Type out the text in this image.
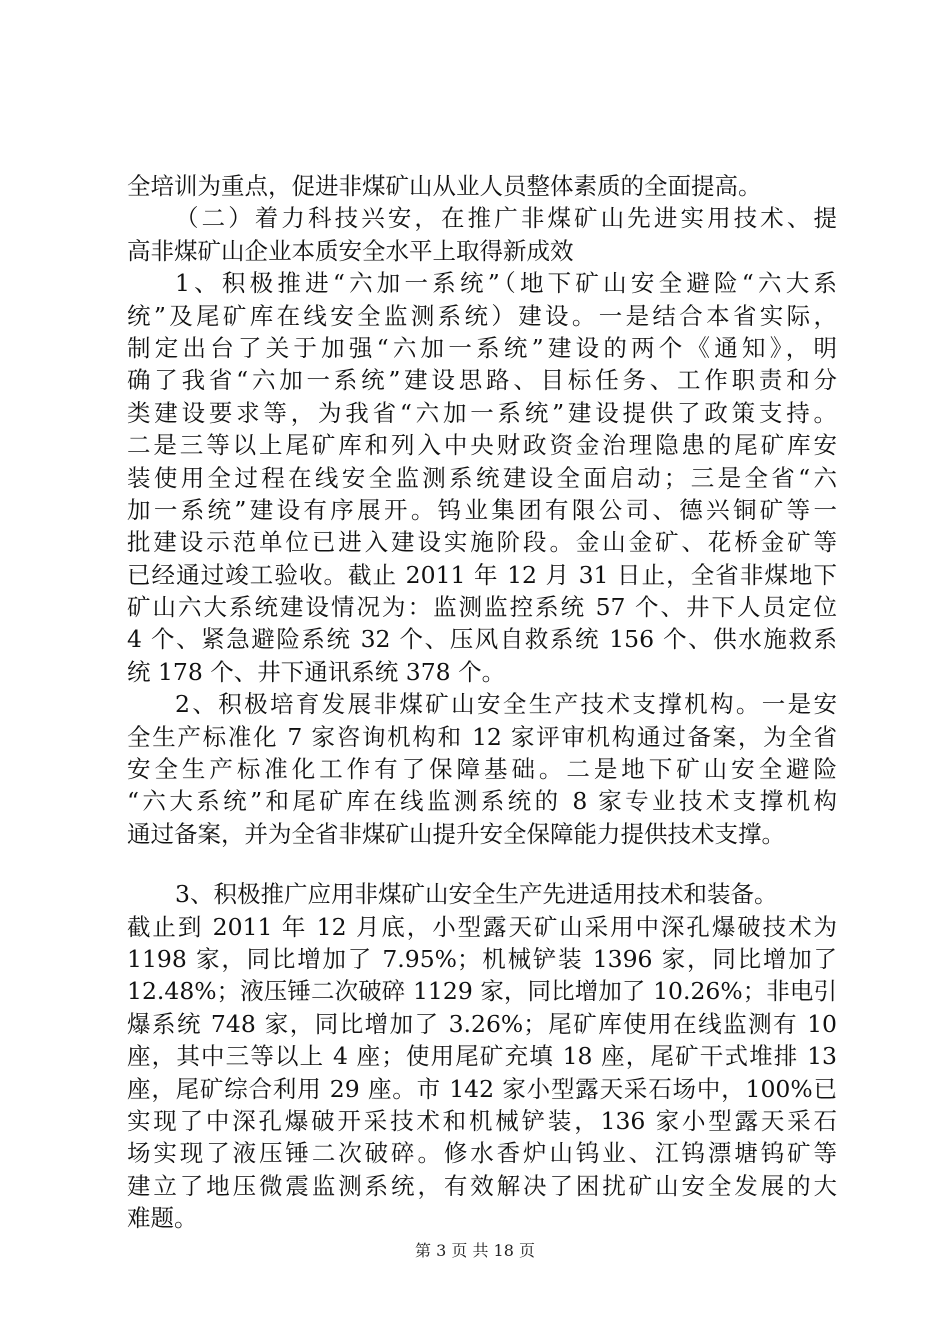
全培训为重点，促进非煤矿山从业人员整体素质的全面提高。
（二）着力科技兴安，在推广非煤矿山先进实用技术、提
高非煤矿山企业本质安全水平上取得新成效
1、积极推进“六加一系统”（地下矿山安全避险“六大系
统”及尾矿库在线安全监测系统）建设。一是结合本省实际，
制定出台了关于加强“六加一系统”建设的两个《通知》，明
确了我省“六加一系统”建设思路、目标任务、工作职责和分
类建设要求等，为我省“六加一系统”建设提供了政策支持。
二是三等以上尾矿库和列入中央财政资金治理隐患的尾矿库安
装使用全过程在线安全监测系统建设全面启动；三是全省“六
加一系统”建设有序展开。钨业集团有限公司、德兴铜矿等一
批建设示范单位已进入建设实施阶段。金山金矿、花桥金矿等
已经通过竣工验收。截止 2011 年 12 月 31 日止，全省非煤地下
矿山六大系统建设情况为：监测监控系统 57 个、井下人员定位
4 个、紧急避险系统 32 个、压风自救系统 156 个、供水施救系
统 178 个、井下通讯系统 378 个。
2、积极培育发展非煤矿山安全生产技术支撑机构。一是安
全生产标准化 7 家咨询机构和 12 家评审机构通过备案，为全省
安全生产标准化工作有了保障基础。二是地下矿山安全避险
“六大系统”和尾矿库在线监测系统的 8 家专业技术支撑机构
通过备案，并为全省非煤矿山提升安全保障能力提供技术支撑。
3、积极推广应用非煤矿山安全生产先进适用技术和装备。
截止到 2011 年 12 月底，小型露天矿山采用中深孔爆破技术为
1198 家，同比增加了 7.95%；机械铲装 1396 家，同比增加了
12.48%；液压锤二次破碎 1129 家，同比增加了 10.26%；非电引
爆系统 748 家，同比增加了 3.26%；尾矿库使用在线监测有 10
座，其中三等以上 4 座；使用尾矿充填 18 座，尾矿干式堆排 13
座，尾矿综合利用 29 座。市 142 家小型露天采石场中，100%已
实现了中深孔爆破开采技术和机械铲装，136 家小型露天采石
场实现了液压锤二次破碎。修水香炉山钨业、江钨漂塘钨矿等
建立了地压微震监测系统，有效解决了困扰矿山安全发展的大
难题。
第 3 页 共 18 页
